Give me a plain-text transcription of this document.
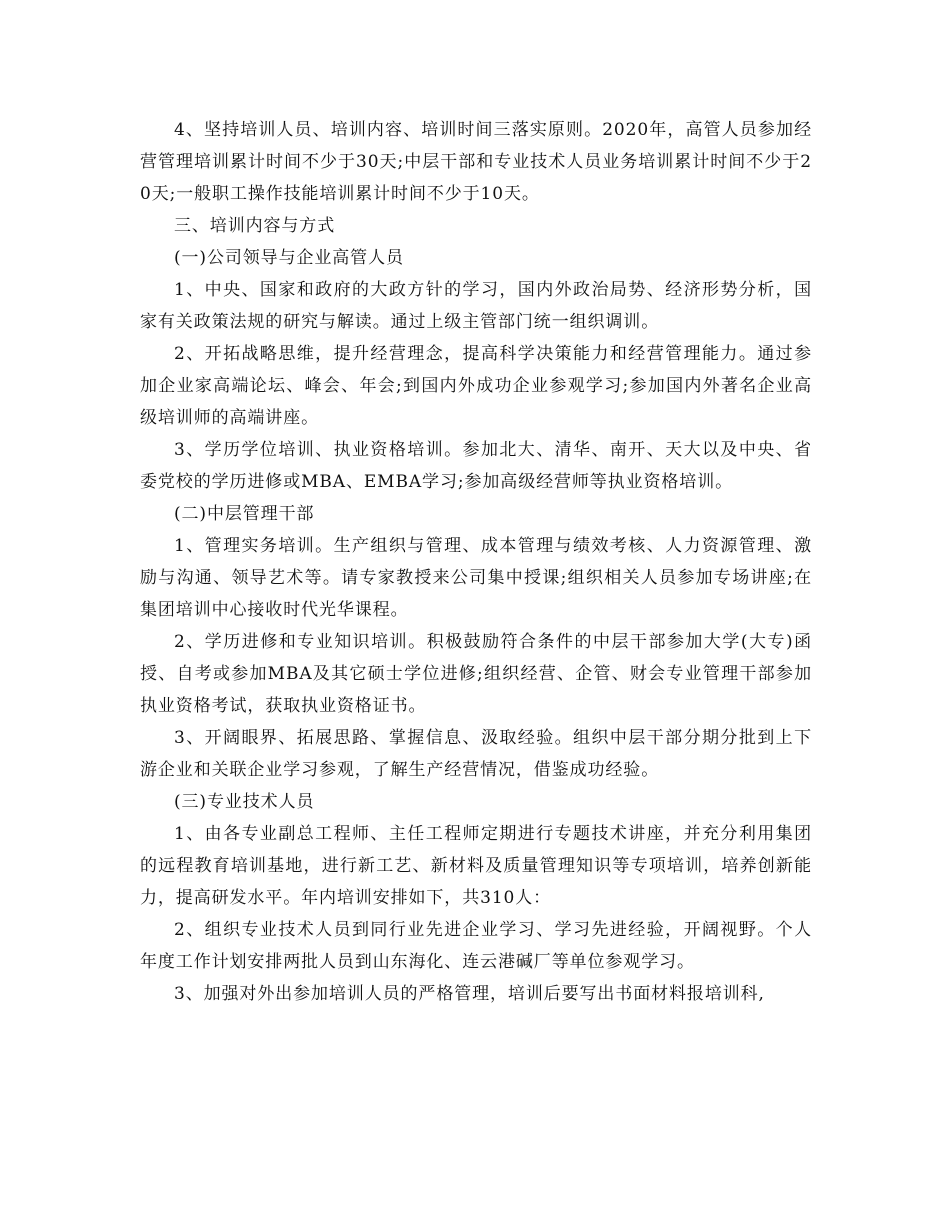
4、坚持培训人员、培训内容、培训时间三落实原则。2020年，高管人员参加经营管理培训累计时间不少于30天;中层干部和专业技术人员业务培训累计时间不少于20天;一般职工操作技能培训累计时间不少于10天。

三、培训内容与方式

(一)公司领导与企业高管人员

1、中央、国家和政府的大政方针的学习，国内外政治局势、经济形势分析，国家有关政策法规的研究与解读。通过上级主管部门统一组织调训。

2、开拓战略思维，提升经营理念，提高科学决策能力和经营管理能力。通过参加企业家高端论坛、峰会、年会;到国内外成功企业参观学习;参加国内外著名企业高级培训师的高端讲座。

3、学历学位培训、执业资格培训。参加北大、清华、南开、天大以及中央、省委党校的学历进修或MBA、EMBA学习;参加高级经营师等执业资格培训。

(二)中层管理干部

1、管理实务培训。生产组织与管理、成本管理与绩效考核、人力资源管理、激励与沟通、领导艺术等。请专家教授来公司集中授课;组织相关人员参加专场讲座;在集团培训中心接收时代光华课程。

2、学历进修和专业知识培训。积极鼓励符合条件的中层干部参加大学(大专)函授、自考或参加MBA及其它硕士学位进修;组织经营、企管、财会专业管理干部参加执业资格考试，获取执业资格证书。

3、开阔眼界、拓展思路、掌握信息、汲取经验。组织中层干部分期分批到上下游企业和关联企业学习参观，了解生产经营情况，借鉴成功经验。

(三)专业技术人员

1、由各专业副总工程师、主任工程师定期进行专题技术讲座，并充分利用集团的远程教育培训基地，进行新工艺、新材料及质量管理知识等专项培训，培养创新能力，提高研发水平。年内培训安排如下，共310人：

2、组织专业技术人员到同行业先进企业学习、学习先进经验，开阔视野。个人年度工作计划安排两批人员到山东海化、连云港碱厂等单位参观学习。

3、加强对外出参加培训人员的严格管理，培训后要写出书面材料报培训科,
